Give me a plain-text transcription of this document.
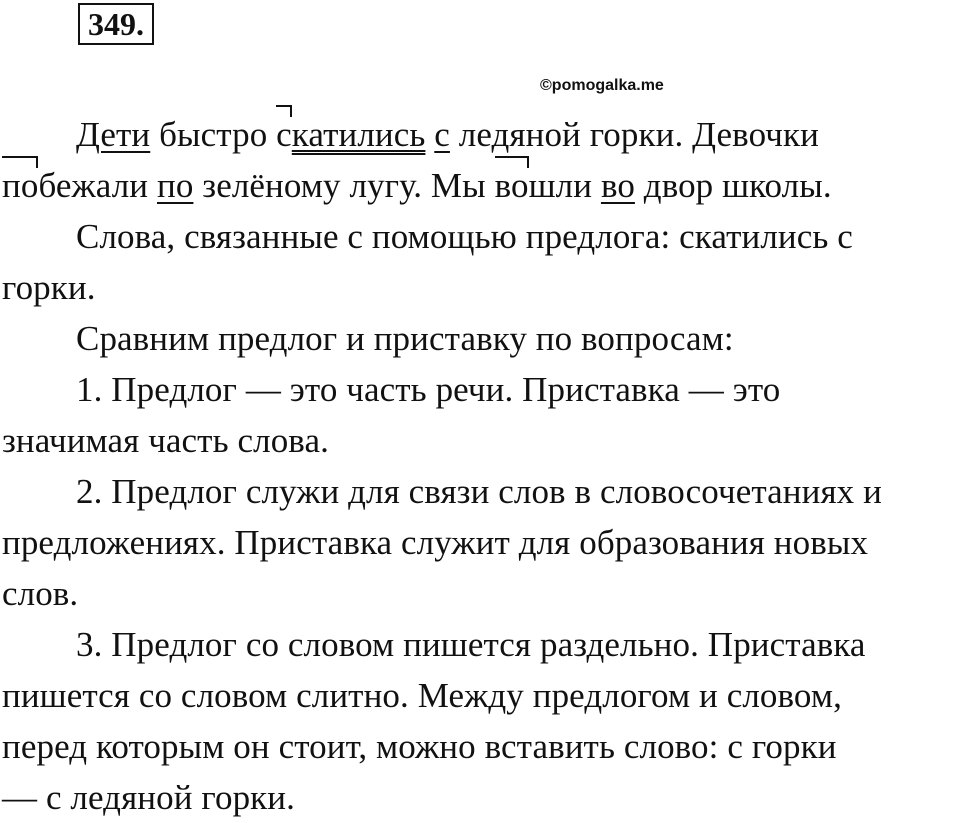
349.
©pomogalka.me
Дети быстро скатились с ледяной горки. Девочки
побежали по зелёному лугу. Мы вошли во двор школы.
Слова, связанные с помощью предлога: скатились с
горки.
Сравним предлог и приставку по вопросам:
1. Предлог — это часть речи. Приставка — это
значимая часть слова.
2. Предлог служи для связи слов в словосочетаниях и
предложениях. Приставка служит для образования новых
слов.
3. Предлог со словом пишется раздельно. Приставка
пишется со словом слитно. Между предлогом и словом,
перед которым он стоит, можно вставить слово: с горки
— с ледяной горки.
